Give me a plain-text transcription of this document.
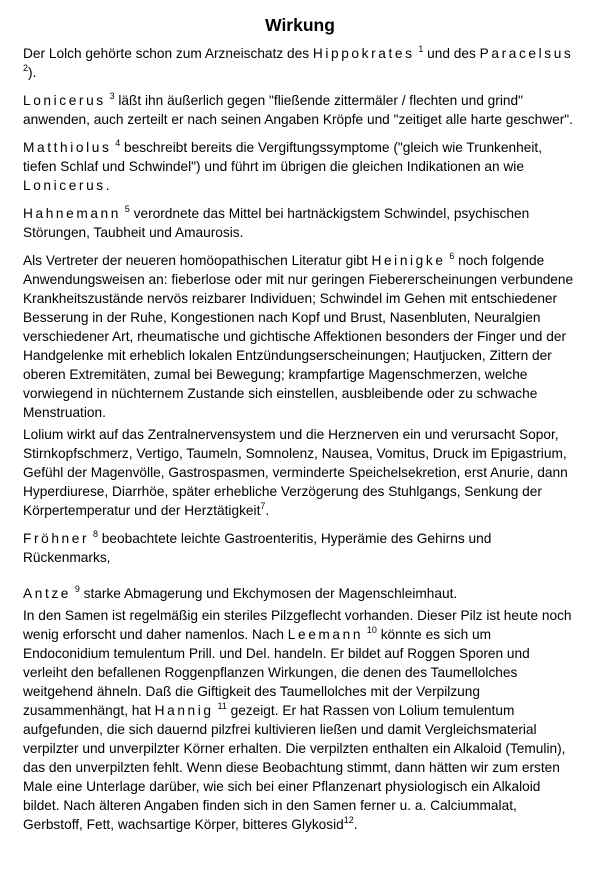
Wirkung

Der Lolch gehörte schon zum Arzneischatz des Hippokrates $^1$ und des Paracelsus $^2$).

Lonicerus $^3$ läßt ihn äußerlich gegen "fließende zittermäler / flechten und grind" anwenden, auch zerteilt er nach seinen Angaben Kröpfe und "zeitiget alle harte geschwer".

Matthiolus $^4$ beschreibt bereits die Vergiftungssymptome ("gleich wie Trunkenheit, tiefen Schlaf und Schwindel") und führt im übrigen die gleichen Indikationen an wie Lonicerus.

Hahnemann $^5$ verordnete das Mittel bei hartnäckigstem Schwindel, psychischen Störungen, Taubheit und Amaurosis.

Als Vertreter der neueren homöopathischen Literatur gibt Heinigke $^6$ noch folgende Anwendungsweisen an: fieberlose oder mit nur geringen Fiebererscheinungen verbundene Krankheitszustände nervös reizbarer Individuen; Schwindel im Gehen mit entschiedener Besserung in der Ruhe, Kongestionen nach Kopf und Brust, Nasenbluten, Neuralgien verschiedener Art, rheumatische und gichtische Affektionen besonders der Finger und der Handgelenke mit erheblich lokalen Entzündungserscheinungen; Hautjucken, Zittern der oberen Extremitäten, zumal bei Bewegung; krampfartige Magenschmerzen, welche vorwiegend in nüchternem Zustande sich einstellen, ausbleibende oder zu schwache Menstruation.

Lolium wirkt auf das Zentralnervensystem und die Herznerven ein und verursacht Sopor, Stirnkopfschmerz, Vertigo, Taumeln, Somnolenz, Nausea, Vomitus, Druck im Epigastrium, Gefühl der Magenvölle, Gastrospasmen, verminderte Speichelsekretion, erst Anurie, dann Hyperdiurese, Diarrhöe, später erhebliche Verzögerung des Stuhlgangs, Senkung der Körpertemperatur und der Herztätigkeit$^7$.

Fröhner $^8$ beobachtete leichte Gastroenteritis, Hyperämie des Gehirns und Rückenmarks,

Antze $^9$ starke Abmagerung und Ekchymosen der Magenschleimhaut.

In den Samen ist regelmäßig ein steriles Pilzgeflecht vorhanden. Dieser Pilz ist heute noch wenig erforscht und daher namenlos. Nach Leemann $^{10}$ könnte es sich um Endoconidium temulentum Prill. und Del. handeln. Er bildet auf Roggen Sporen und verleiht den befallenen Roggenpflanzen Wirkungen, die denen des Taumellolches weitgehend ähneln. Daß die Giftigkeit des Taumellolches mit der Verpilzung zusammenhängt, hat Hannig $^{11}$ gezeigt. Er hat Rassen von Lolium temulentum aufgefunden, die sich dauernd pilzfrei kultivieren ließen und damit Vergleichsmaterial verpilzter und unverpilzter Körner erhalten. Die verpilzten enthalten ein Alkaloid (Temulin), das den unverpilzten fehlt. Wenn diese Beobachtung stimmt, dann hätten wir zum ersten Male eine Unterlage darüber, wie sich bei einer Pflanzenart physiologisch ein Alkaloid bildet. Nach älteren Angaben finden sich in den Samen ferner u. a. Calciummalat, Gerbstoff, Fett, wachsartige Körper, bitteres Glykosid$^{12}$.
